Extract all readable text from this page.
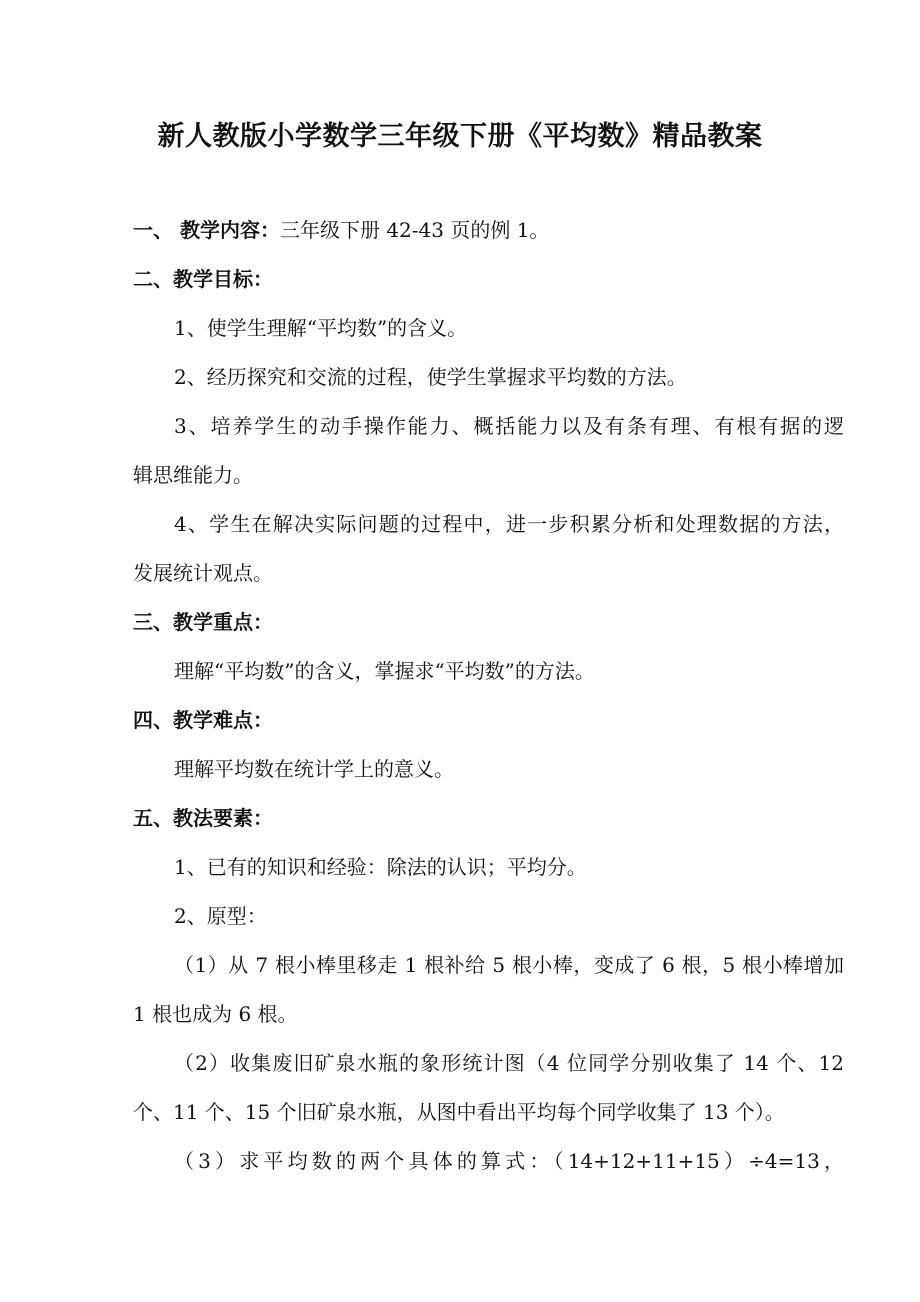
新人教版小学数学三年级下册《平均数》精品教案
一、 教学内容：三年级下册 42-43 页的例 1。
二、教学目标：
1、使学生理解“平均数”的含义。
2、经历探究和交流的过程，使学生掌握求平均数的方法。
3、培养学生的动手操作能力、概括能力以及有条有理、有根有据的逻
辑思维能力。
4、学生在解决实际问题的过程中，进一步积累分析和处理数据的方法，
发展统计观点。
三、教学重点：
理解“平均数”的含义，掌握求“平均数”的方法。
四、教学难点：
理解平均数在统计学上的意义。
五、教法要素：
1、已有的知识和经验：除法的认识；平均分。
2、原型：
（1）从 7 根小棒里移走 1 根补给 5 根小棒，变成了 6 根，5 根小棒增加
1 根也成为 6 根。
（2）收集废旧矿泉水瓶的象形统计图（4 位同学分别收集了 14 个、12
个、11 个、15 个旧矿泉水瓶，从图中看出平均每个同学收集了 13 个）。
（3）求平均数的两个具体的算式：（14+12+11+15）÷4=13，
